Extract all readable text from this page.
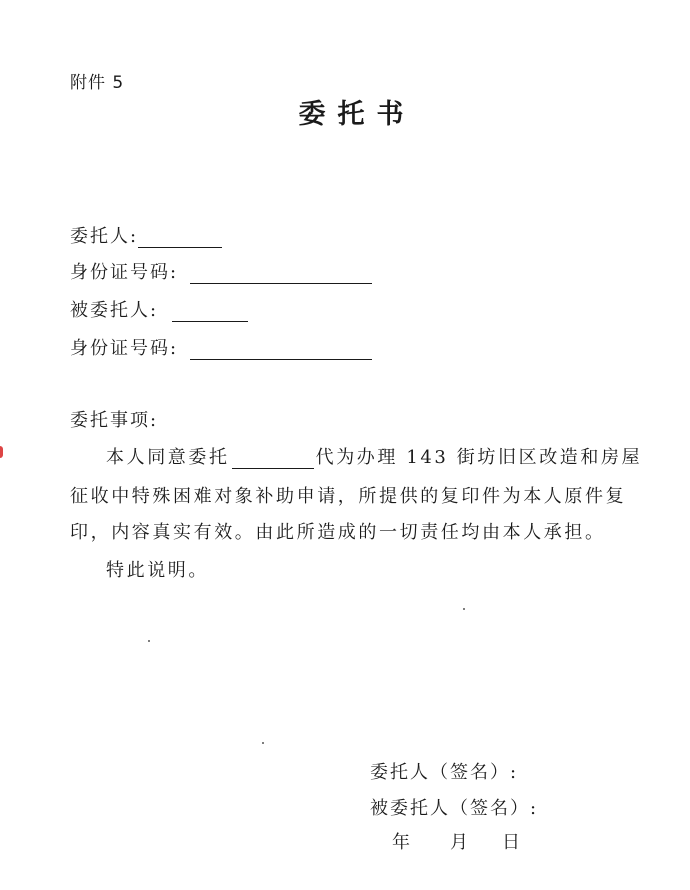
附件 5
委托书
委托人:
身份证号码:
被委托人:
身份证号码:
委托事项:
本人同意委托	代为办理 143 街坊旧区改造和房屋
征收中特殊困难对象补助申请，所提供的复印件为本人原件复
印，内容真实有效。由此所造成的一切责任均由本人承担。
特此说明。
委托人（签名）:
被委托人（签名）:
年	月	日
